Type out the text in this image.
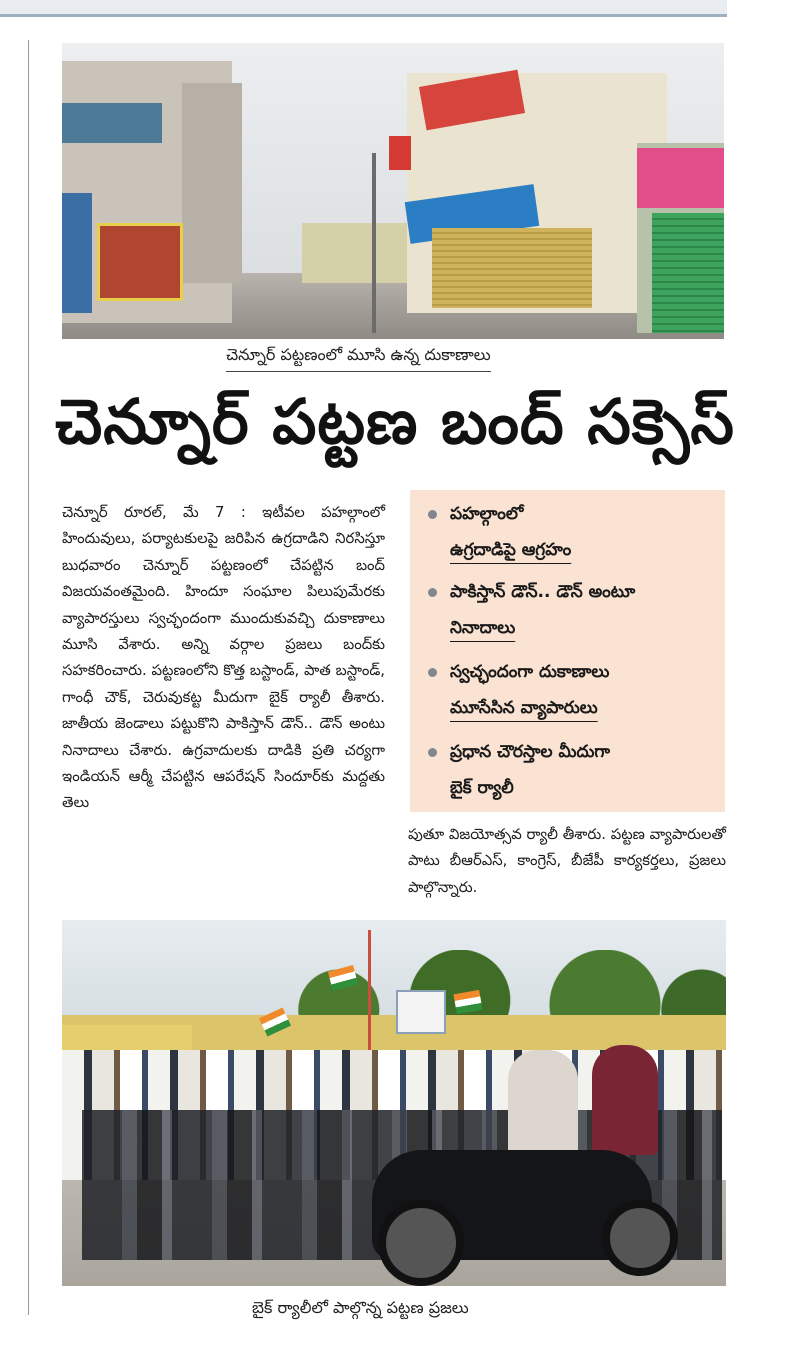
చెన్నూర్ పట్టణంలో మూసి ఉన్న దుకాణాలు
చెన్నూర్ పట్టణ బంద్ సక్సెస్
చెన్నూర్ రూరల్, మే 7 : ఇటీవల పహల్గాంలో హిందువులు, పర్యాటకులపై జరిపిన ఉగ్రదాడిని నిరసిస్తూ బుధవారం చెన్నూర్ పట్టణంలో చేపట్టిన బంద్ విజయవంతమైంది. హిందూ సంఘాల పిలుపుమేరకు వ్యాపారస్తులు స్వచ్ఛందంగా ముందుకువచ్చి దుకాణాలు మూసి వేశారు. అన్ని వర్గాల ప్రజలు బంద్‌కు సహకరించారు. పట్టణంలోని కొత్త బస్టాండ్, పాత బస్టాండ్, గాంధీ చౌక్, చెరువుకట్ట మీదుగా బైక్ ర్యాలీ తీశారు. జాతీయ జెండాలు పట్టుకొని పాకిస్తాన్ డౌన్.. డౌన్ అంటు నినాదాలు చేశారు. ఉగ్రవాదులకు దాడికి ప్రతి చర్యగా ఇండియన్ ఆర్మీ చేపట్టిన ఆపరేషన్ సిందూర్‌కు మద్దతు తెలు
పహల్గాంలో
ఉగ్రదాడిపై ఆగ్రహం
పాకిస్తాన్ డౌన్.. డౌన్ అంటూ
నినాదాలు
స్వచ్ఛందంగా దుకాణాలు
మూసేసిన వ్యాపారులు
ప్రధాన చౌరస్తాల మీదుగా
బైక్ ర్యాలీ
పుతూ విజయోత్సవ ర్యాలీ తీశారు. పట్టణ వ్యాపారులతో పాటు బీఆర్ఎస్, కాంగ్రెస్, బీజేపీ కార్యకర్తలు, ప్రజలు పాల్గొన్నారు.
బైక్ ర్యాలీలో పాల్గొన్న పట్టణ ప్రజలు
